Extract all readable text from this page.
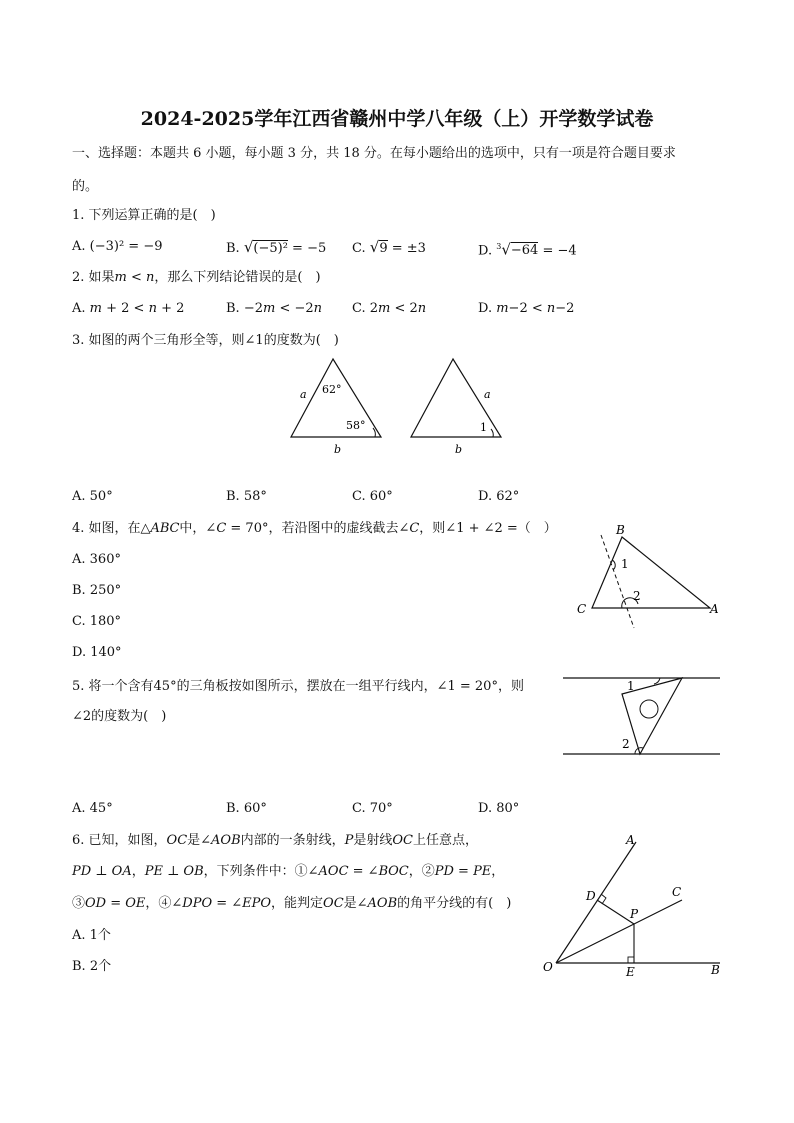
2024-2025学年江西省赣州中学八年级（上）开学数学试卷
一、选择题：本题共 6 小题，每小题 3 分，共 18 分。在每小题给出的选项中，只有一项是符合题目要求
的。
1. 下列运算正确的是(　)
A. (−3)² = −9	B. √(−5)² = −5 C. √9 = ±3	D. $^3$√−64 = −4
2. 如果𝑚 < 𝑛，那么下列结论错误的是(　)
A. 𝑚 + 2 < 𝑛 + 2	B. −2𝑚 < −2𝑛 C. 2𝑚 < 2𝑛	D. 𝑚−2 < 𝑛−2
3. 如图的两个三角形全等，则∠1的度数为(　)
a 62°
58°
b
a
1
b
A. 50°	B. 58°	C. 60°	D. 62°
4. 如图，在△𝐴𝐵𝐶中，∠𝐶 = 70°，若沿图中的虚线截去∠𝐶，则∠1 + ∠2 =（　）
A. 360°
B. 250°
C. 180°
D. 140°
B
C	A
1
2
5. 将一个含有45°的三角板按如图所示，摆放在一组平行线内，∠1 = 20°，则
∠2的度数为(　)
1
2
A. 45°	B. 60°	C. 70°	D. 80°
6. 已知，如图，𝑂𝐶是∠𝐴𝑂𝐵内部的一条射线，𝑃是射线𝑂𝐶上任意点，
𝑃𝐷 ⊥ 𝑂𝐴，𝑃𝐸 ⊥ 𝑂𝐵，下列条件中：①∠𝐴𝑂𝐶 = ∠𝐵𝑂𝐶，②𝑃𝐷 = 𝑃𝐸，
③𝑂𝐷 = 𝑂𝐸，④∠𝐷𝑃𝑂 = ∠𝐸𝑃𝑂，能判定𝑂𝐶是∠𝐴𝑂𝐵的角平分线的有(　)
A. 1个
B. 2个
A
C
D
P
O	E	B
